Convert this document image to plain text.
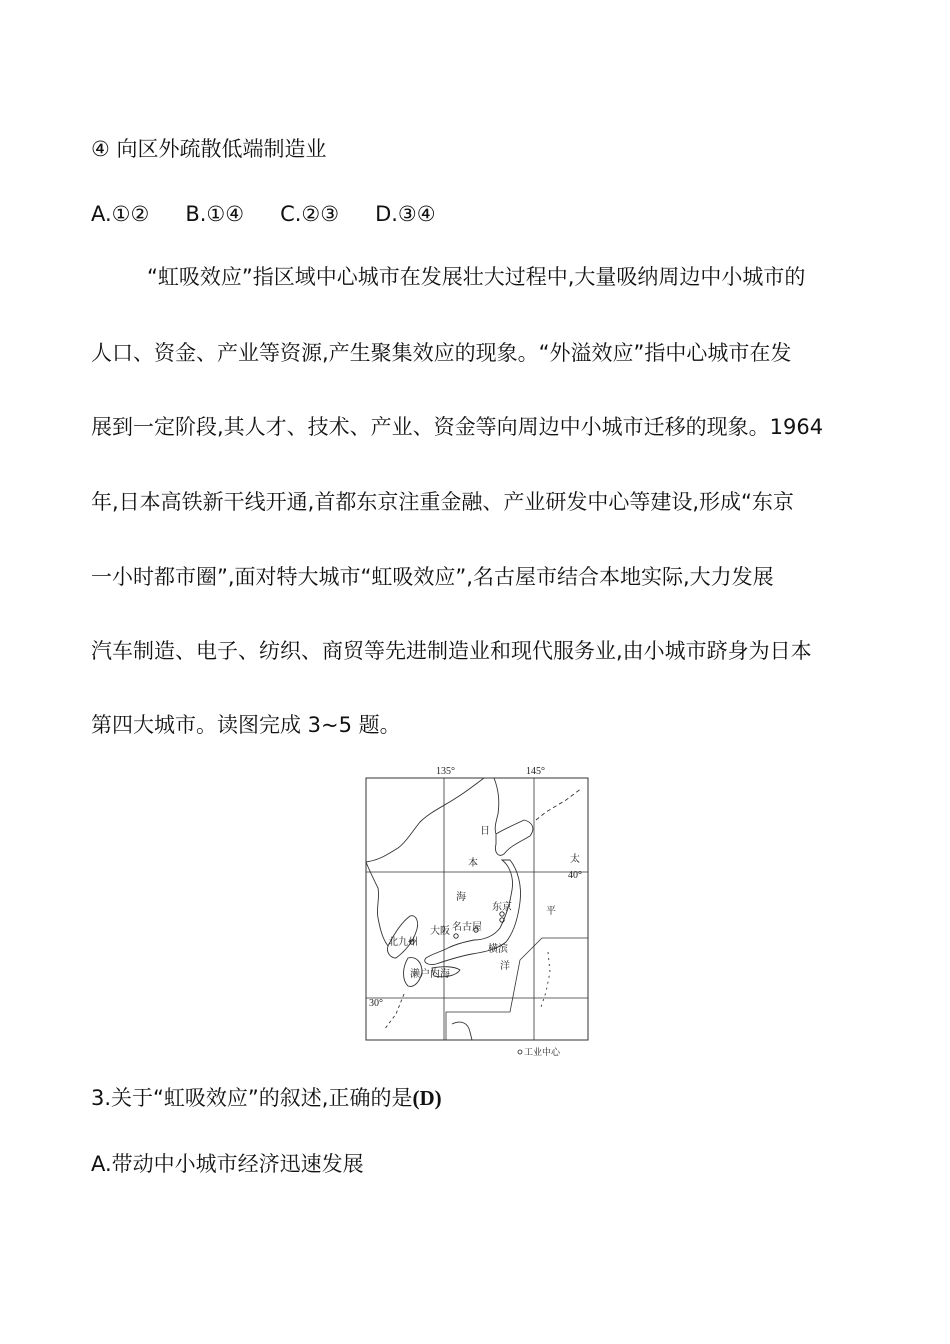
④ 向区外疏散低端制造业
A.①② B.①④ C.②③ D.③④
“虹吸效应”指区域中心城市在发展壮大过程中,大量吸纳周边中小城市的
人口、资金、产业等资源,产生聚集效应的现象。“外溢效应”指中心城市在发
展到一定阶段,其人才、技术、产业、资金等向周边中小城市迁移的现象。1964
年,日本高铁新干线开通,首都东京注重金融、产业研发中心等建设,形成“东京
一小时都市圈”,面对特大城市“虹吸效应”,名古屋市结合本地实际,大力发展
汽车制造、电子、纺织、商贸等先进制造业和现代服务业,由小城市跻身为日本
第四大城市。读图完成 3~5 题。
135°	145°
40°
30°
日
本
海
太
平
洋
东京
名古屋
大阪
北九州
横滨
濑户内海
工业中心
3.关于“虹吸效应”的叙述,正确的是(D)
A.带动中小城市经济迅速发展
